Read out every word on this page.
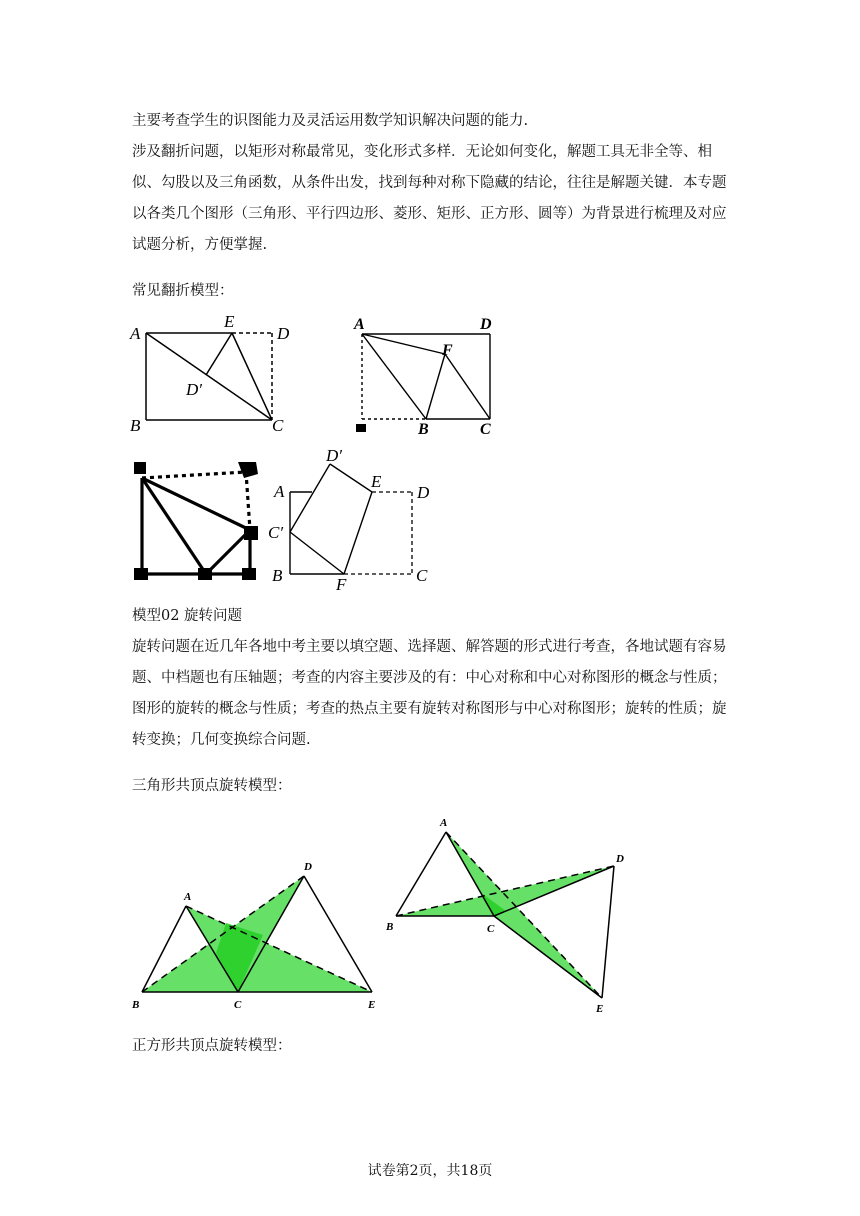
主要考查学生的识图能力及灵活运用数学知识解决问题的能力.

涉及翻折问题，以矩形对称最常见，变化形式多样．无论如何变化，解题工具无非全等、相似、勾股以及三角函数，从条件出发，找到每种对称下隐藏的结论，往往是解题关键．本专题以各类几个图形（三角形、平行四边形、菱形、矩形、正方形、圆等）为背景进行梳理及对应试题分析，方便掌握.

常见翻折模型：

A
E
D
D′
B	C
A	D
F
B	C
D′
A
E
D
C′
B	F	C

模型02 旋转问题

旋转问题在近几年各地中考主要以填空题、选择题、解答题的形式进行考查，各地试题有容易题、中档题也有压轴题；考查的内容主要涉及的有：中心对称和中心对称图形的概念与性质；图形的旋转的概念与性质；考查的热点主要有旋转对称图形与中心对称图形；旋转的性质；旋转变换；几何变换综合问题.

三角形共顶点旋转模型：

A
D
B	C	E
A
D
B	C
E

正方形共顶点旋转模型：

试卷第2页，共18页
